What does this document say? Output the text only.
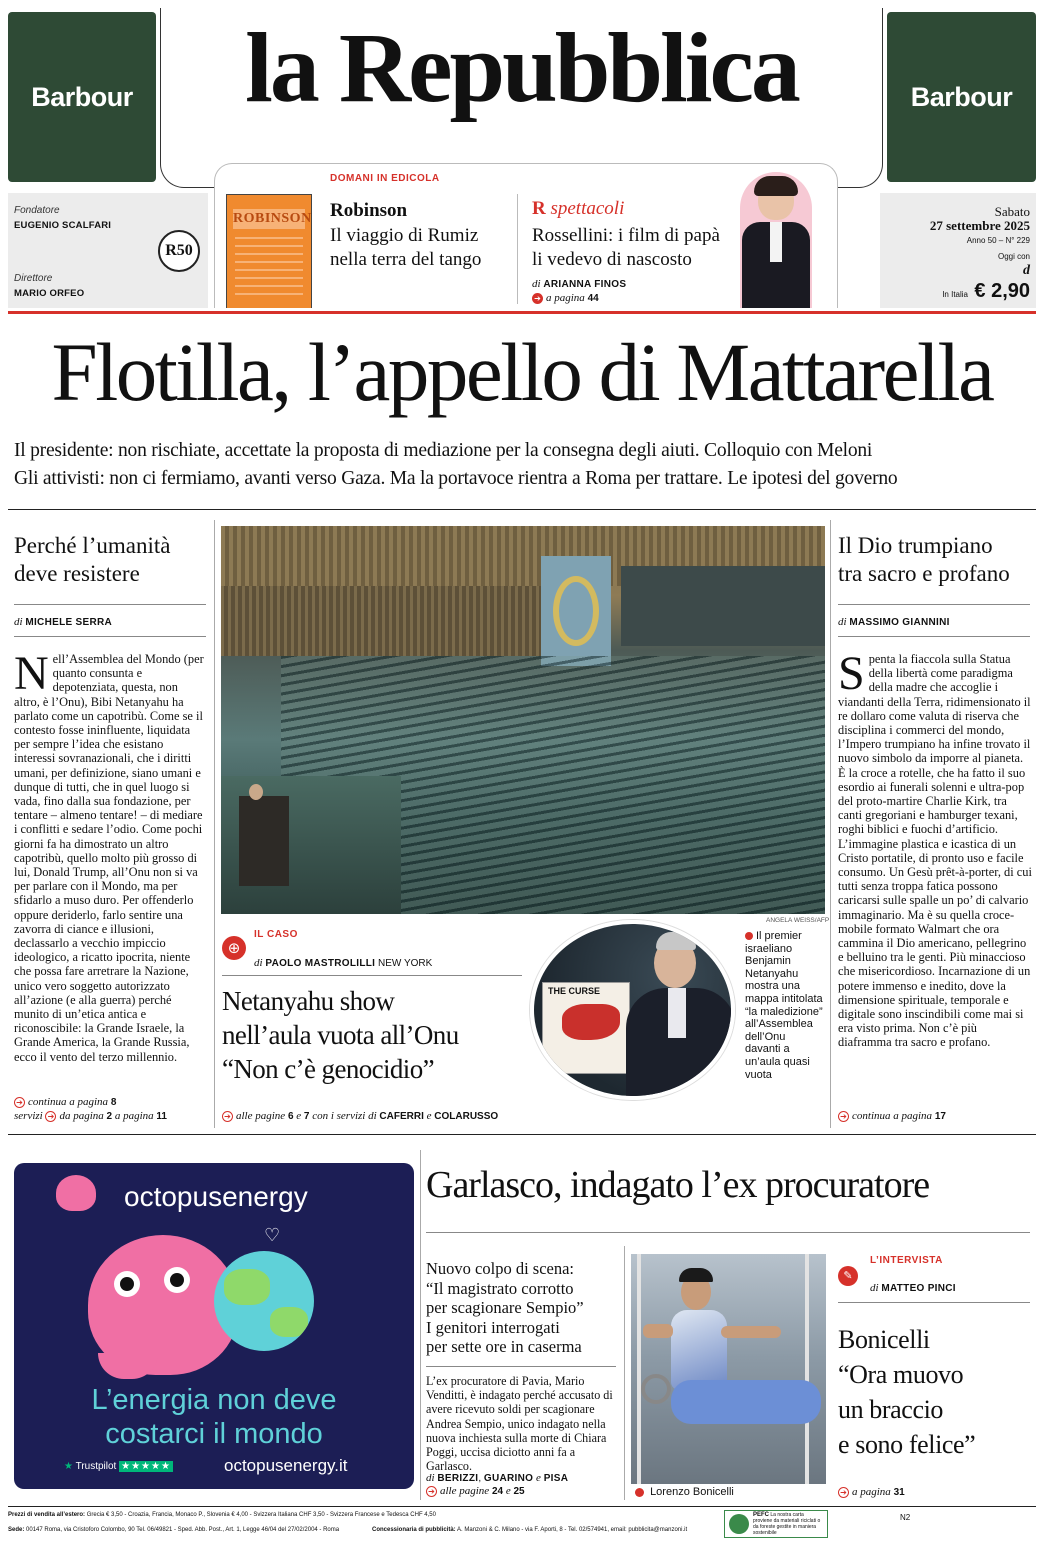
Barbour	Barbour
la Repubblica
Fondatore
EUGENIO SCALFARI
Direttore
MARIO ORFEO
R50
DOMANI IN EDICOLA
ROBINSON Robinson
Il viaggio di Rumiz
nella terra del tango
R spettacoli
Rossellini: i film di papà
li vedevo di nascosto
di ARIANNA FINOS
➔ a pagina 44
Sabato
27 settembre 2025
Anno 50 – N° 229
Oggi con
d
In Italia € 2,90
Flotilla, l’appello di Mattarella
Il presidente: non rischiate, accettate la proposta di mediazione per la consegna degli aiuti. Colloquio con Meloni
Gli attivisti: non ci fermiamo, avanti verso Gaza. Ma la portavoce rientra a Roma per trattare. Le ipotesi del governo
Perché l’umanità
deve resistere
di MICHELE SERRA
Nell’Assemblea del Mondo (per quanto consunta e depotenziata, questa, non altro, è l’Onu), Bibi Netanyahu ha parlato come un capotribù. Come se il contesto fosse ininfluente, liquidata per sempre l’idea che esistano interessi sovranazionali, che i diritti umani, per definizione, siano umani e dunque di tutti, che in quel luogo si vada, fino dalla sua fondazione, per tentare – almeno tentare! – di mediare i conflitti e sedare l’odio. Come pochi giorni fa ha dimostrato un altro capotribù, quello molto più grosso di lui, Donald Trump, all’Onu non si va per parlare con il Mondo, ma per sfidarlo a muso duro. Per offenderlo oppure deriderlo, farlo sentire una zavorra di ciance e illusioni, declassarlo a vecchio impiccio ideologico, a ricatto ipocrita, niente che possa fare arretrare la Nazione, unico vero soggetto autorizzato all’azione (e alla guerra) perché munito di un’etica antica e riconoscibile: la Grande Israele, la Grande America, la Grande Russia, ecco il vento del terzo millennio.
➔ continua a pagina 8
servizi ➔ da pagina 2 a pagina 11
ANGELA WEISS/AFP
⊕
IL CASO
di PAOLO MASTROLILLI NEW YORK
Netanyahu show
nell’aula vuota all’Onu
“Non c’è genocidio”
➔ alle pagine 6 e 7 con i servizi di CAFERRI e COLARUSSO
THE CURSE
Il premier israeliano Benjamin Netanyahu mostra una mappa intitolata “la maledizione” all’Assemblea dell’Onu davanti a un’aula quasi vuota
Il Dio trumpiano
tra sacro e profano
di MASSIMO GIANNINI
Spenta la fiaccola sulla Statua della libertà come paradigma della madre che accoglie i viandanti della Terra, ridimensionato il re dollaro come valuta di riserva che disciplina i commerci del mondo, l’Impero trumpiano ha infine trovato il nuovo simbolo da imporre al pianeta. È la croce a rotelle, che ha fatto il suo esordio ai funerali solenni e ultra-pop del proto-martire Charlie Kirk, tra canti gregoriani e hamburger texani, roghi biblici e fuochi d’artificio. L’immagine plastica e icastica di un Cristo portatile, di pronto uso e facile consumo. Un Gesù prêt-à-porter, di cui tutti senza troppa fatica possono caricarsi sulle spalle un po’ di calvario immaginario. Ma è su quella croce-mobile formato Walmart che ora cammina il Dio americano, pellegrino e belluino tra le genti. Più minaccioso che misericordioso. Incarnazione di un potere immenso e inedito, dove la dimensione spirituale, temporale e digitale sono inscindibili come mai si era visto prima. Non c’è più diaframma tra sacro e profano.
➔ continua a pagina 17
octopusenergy
♡
L’energia non deve
costarci il mondo
★ Trustpilot ★★★★★	octopusenergy.it
Garlasco, indagato l’ex procuratore
Nuovo colpo di scena:
“Il magistrato corrotto
per scagionare Sempio”
I genitori interrogati
per sette ore in caserma
L’ex procuratore di Pavia, Mario Venditti, è indagato perché accusato di avere ricevuto soldi per scagionare Andrea Sempio, unico indagato nella nuova inchiesta sulla morte di Chiara Poggi, uccisa diciotto anni fa a Garlasco.
di BERIZZI, GUARINO e PISA
➔ alle pagine 24 e 25	Lorenzo Bonicelli
✎
L’INTERVISTA
di MATTEO PINCI
Bonicelli
“Ora muovo
un braccio
e sono felice”
➔ a pagina 31
Prezzi di vendita all’estero: Grecia € 3,50 - Croazia, Francia, Monaco P., Slovenia € 4,00 - Svizzera Italiana CHF 3,50 - Svizzera Francese e Tedesca CHF 4,50
Sede: 00147 Roma, via Cristoforo Colombo, 90 Tel. 06/49821 - Sped. Abb. Post., Art. 1, Legge 46/04 del 27/02/2004 - Roma	Concessionaria di pubblicità: A. Manzoni & C. Milano - via F. Aporti, 8 - Tel. 02/574941, email: pubblicita@manzoni.it
PEFC La nostra carta proviene da materiali riciclati o da foreste gestite in maniera sostenibile
N2
